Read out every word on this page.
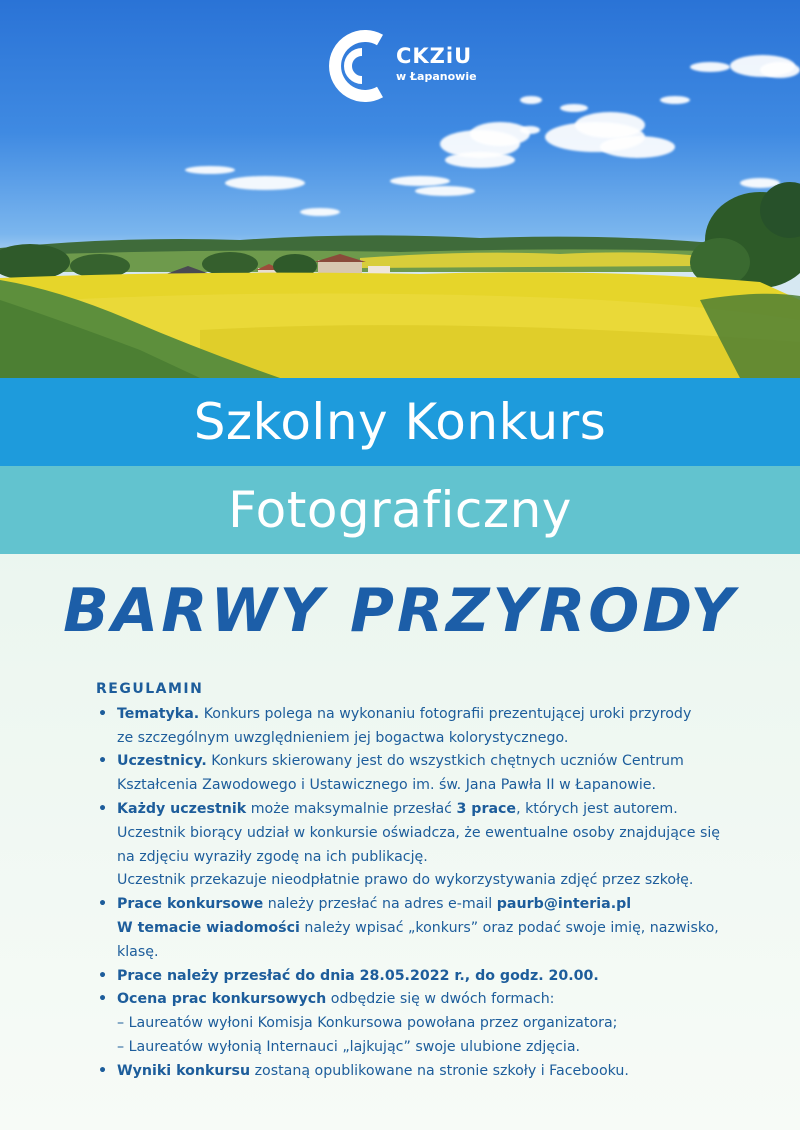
CKZiU
w Łapanowie
Szkolny Konkurs
Fotograficzny
BARWY PRZYRODY
REGULAMIN
• Tematyka. Konkurs polega na wykonaniu fotografii prezentującej uroki przyrody
ze szczególnym uwzględnieniem jej bogactwa kolorystycznego.
• Uczestnicy. Konkurs skierowany jest do wszystkich chętnych uczniów Centrum
Kształcenia Zawodowego i Ustawicznego im. św. Jana Pawła II w Łapanowie.
• Każdy uczestnik może maksymalnie przesłać 3 prace, których jest autorem.
Uczestnik biorący udział w konkursie oświadcza, że ewentualne osoby znajdujące się
na zdjęciu wyraziły zgodę na ich publikację.
Uczestnik przekazuje nieodpłatnie prawo do wykorzystywania zdjęć przez szkołę.
• Prace konkursowe należy przesłać na adres e-mail paurb@interia.pl
W temacie wiadomości należy wpisać „konkurs” oraz podać swoje imię, nazwisko,
klasę.
• Prace należy przesłać do dnia 28.05.2022 r., do godz. 20.00.
• Ocena prac konkursowych odbędzie się w dwóch formach:
– Laureatów wyłoni Komisja Konkursowa powołana przez organizatora;
– Laureatów wyłonią Internauci „lajkując” swoje ulubione zdjęcia.
• Wyniki konkursu zostaną opublikowane na stronie szkoły i Facebooku.
